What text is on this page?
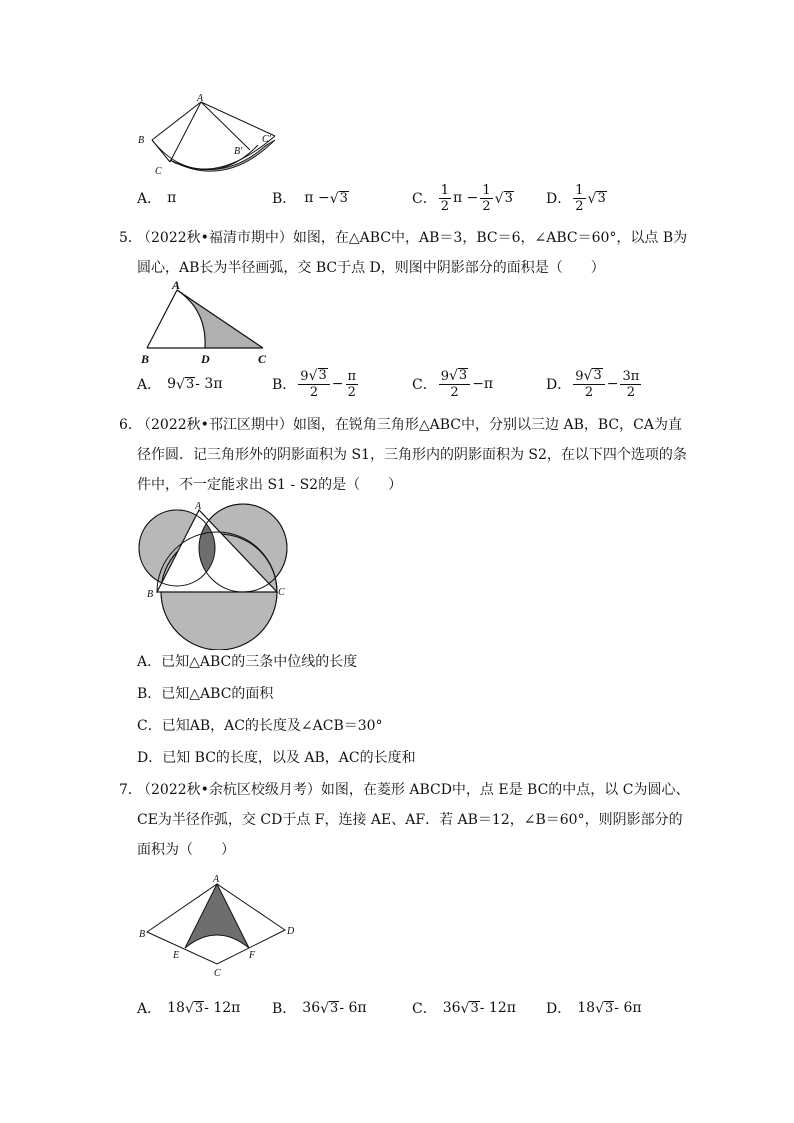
A
B
C
B′
C′
A． π	B． π − √ 3	C． $\frac{1}{2}$ $\pi - \frac{1}{2}$ √ 3 D． $\frac{1}{2}$ √ 3
5．
（2022秋•福清市期中）如图，在△ABC中，AB＝3，BC＝6，∠ABC＝60°，以点 B为
圆心，AB长为半径画弧，交 BC于点 D，则图中阴影部分的面积是（　　）
A
B	D	C
A． 9 √ 3 - 3π	B． $\frac{9 √ 3}{2} - \frac{\pi}{2}$	C． $\frac{9 √ 3}{2} -\pi$	D． $\frac{9 √ 3}{2} - \frac{3\pi}{2}$
6．
（2022秋•邗江区期中）如图，在锐角三角形△ABC中，分别以三边 AB，BC，CA为直
径作圆．记三角形外的阴影面积为 S1，三角形内的阴影面积为 S2，在以下四个选项的条
件中，不一定能求出 S1 - S2的是（　　）
A
B	C
A．已知△ABC的三条中位线的长度
B．已知△ABC的面积
C．已知AB，AC的长度及∠ACB＝30°
D．已知 BC的长度，以及 AB，AC的长度和
7．
（2022秋•余杭区校级月考）如图，在菱形 ABCD中，点 E是 BC的中点，以 C为圆心、
CE为半径作弧，交 CD于点 F，连接 AE、AF．若 AB＝12，∠B＝60°，则阴影部分的
面积为（　　）
A
B
C
D
E	F
A． 18 √ 3 - 12π B． 36 √ 3 - 6π	C． 36 √ 3 - 12π D． 18 √ 3 - 6π
